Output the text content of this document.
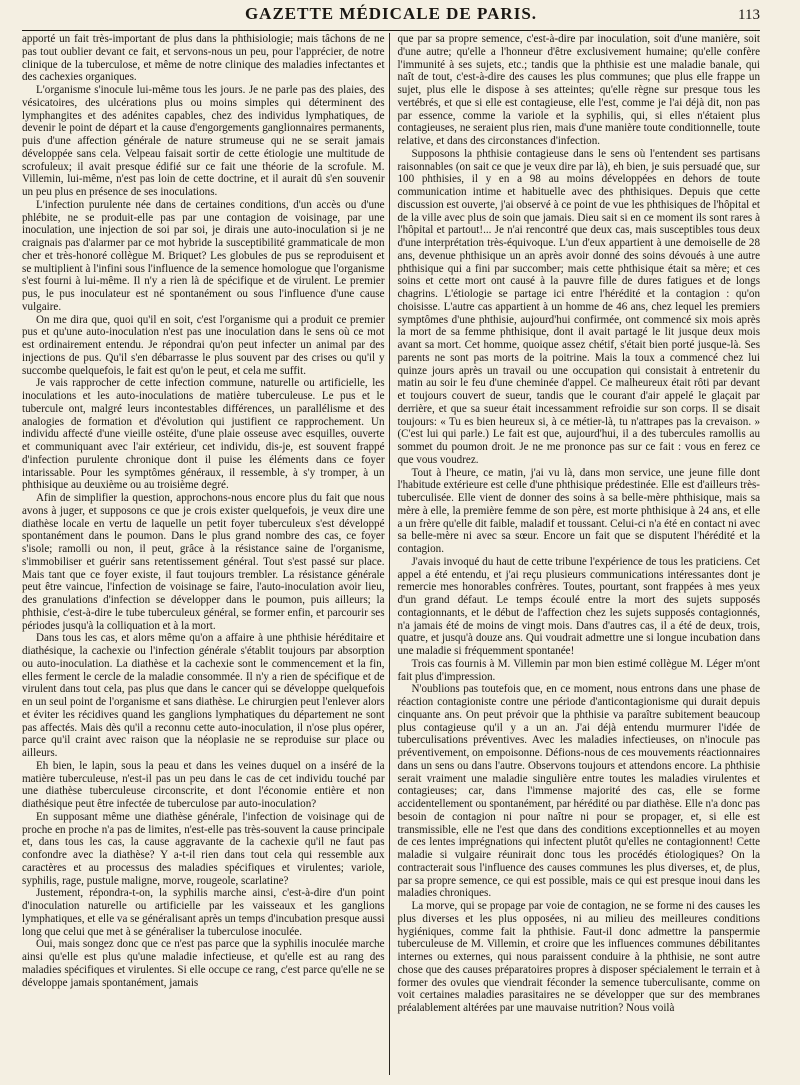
GAZETTE MÉDICALE DE PARIS.	113

apporté un fait très-important de plus dans la phthisiologie; mais tâchons de ne pas tout oublier devant ce fait, et servons-nous un peu, pour l'apprécier, de notre clinique de la tuberculose, et même de notre clinique des maladies infectantes et des cachexies organiques.

L'organisme s'inocule lui-même tous les jours. Je ne parle pas des plaies, des vésicatoires, des ulcérations plus ou moins simples qui déterminent des lymphangites et des adénites capables, chez des individus lymphatiques, de devenir le point de départ et la cause d'engorgements ganglionnaires permanents, puis d'une affection générale de nature strumeuse qui ne se serait jamais développée sans cela. Velpeau faisait sortir de cette étiologie une multitude de scrofuleux; il avait presque édifié sur ce fait une théorie de la scrofule. M. Villemin, lui-même, n'est pas loin de cette doctrine, et il aurait dû s'en souvenir un peu plus en présence de ses inoculations.

L'infection purulente née dans de certaines conditions, d'un accès ou d'une phlébite, ne se produit-elle pas par une contagion de voisinage, par une inoculation, une injection de soi par soi, je dirais une auto-inoculation si je ne craignais pas d'alarmer par ce mot hybride la susceptibilité grammaticale de mon cher et très-honoré collègue M. Briquet? Les globules de pus se reproduisent et se multiplient à l'infini sous l'influence de la semence homologue que l'organisme s'est fourni à lui-même. Il n'y a rien là de spécifique et de virulent. Le premier pus, le pus inoculateur est né spontanément ou sous l'influence d'une cause vulgaire.

On me dira que, quoi qu'il en soit, c'est l'organisme qui a produit ce premier pus et qu'une auto-inoculation n'est pas une inoculation dans le sens où ce mot est ordinairement entendu. Je répondrai qu'on peut infecter un animal par des injections de pus. Qu'il s'en débarrasse le plus souvent par des crises ou qu'il y succombe quelquefois, le fait est qu'on le peut, et cela me suffit.

Je vais rapprocher de cette infection commune, naturelle ou artificielle, les inoculations et les auto-inoculations de matière tuberculeuse. Le pus et le tubercule ont, malgré leurs incontestables différences, un parallélisme et des analogies de formation et d'évolution qui justifient ce rapprochement. Un individu affecté d'une vieille ostéite, d'une plaie osseuse avec esquilles, ouverte et communiquant avec l'air extérieur, cet individu, dis-je, est souvent frappé d'infection purulente chronique dont il puise les éléments dans ce foyer intarissable. Pour les symptômes généraux, il ressemble, à s'y tromper, à un phthisique au deuxième ou au troisième degré.

Afin de simplifier la question, approchons-nous encore plus du fait que nous avons à juger, et supposons ce que je crois exister quelquefois, je veux dire une diathèse locale en vertu de laquelle un petit foyer tuberculeux s'est développé spontanément dans le poumon. Dans le plus grand nombre des cas, ce foyer s'isole; ramolli ou non, il peut, grâce à la résistance saine de l'organisme, s'immobiliser et guérir sans retentissement général. Tout s'est passé sur place. Mais tant que ce foyer existe, il faut toujours trembler. La résistance générale peut être vaincue, l'infection de voisinage se faire, l'auto-inoculation avoir lieu, des granulations d'infection se développer dans le poumon, puis ailleurs; la phthisie, c'est-à-dire le tube tuberculeux général, se former enfin, et parcourir ses périodes jusqu'à la colliquation et à la mort.

Dans tous les cas, et alors même qu'on a affaire à une phthisie héréditaire et diathésique, la cachexie ou l'infection générale s'établit toujours par absorption ou auto-inoculation. La diathèse et la cachexie sont le commencement et la fin, elles ferment le cercle de la maladie consommée. Il n'y a rien de spécifique et de virulent dans tout cela, pas plus que dans le cancer qui se développe quelquefois en un seul point de l'organisme et sans diathèse. Le chirurgien peut l'enlever alors et éviter les récidives quand les ganglions lymphatiques du département ne sont pas affectés. Mais dès qu'il a reconnu cette auto-inoculation, il n'ose plus opérer, parce qu'il craint avec raison que la néoplasie ne se reproduise sur place ou ailleurs.

Eh bien, le lapin, sous la peau et dans les veines duquel on a inséré de la matière tuberculeuse, n'est-il pas un peu dans le cas de cet individu touché par une diathèse tuberculeuse circonscrite, et dont l'économie entière et non diathésique peut être infectée de tuberculose par auto-inoculation?

En supposant même une diathèse générale, l'infection de voisinage qui de proche en proche n'a pas de limites, n'est-elle pas très-souvent la cause principale et, dans tous les cas, la cause aggravante de la cachexie qu'il ne faut pas confondre avec la diathèse? Y a-t-il rien dans tout cela qui ressemble aux caractères et au processus des maladies spécifiques et virulentes; variole, syphilis, rage, pustule maligne, morve, rougeole, scarlatine?

Justement, répondra-t-on, la syphilis marche ainsi, c'est-à-dire d'un point d'inoculation naturelle ou artificielle par les vaisseaux et les ganglions lymphatiques, et elle va se généralisant après un temps d'incubation presque aussi long que celui que met à se généraliser la tuberculose inoculée.

Oui, mais songez donc que ce n'est pas parce que la syphilis inoculée marche ainsi qu'elle est plus qu'une maladie infectieuse, et qu'elle est au rang des maladies spécifiques et virulentes. Si elle occupe ce rang, c'est parce qu'elle ne se développe jamais spontanément, jamais

que par sa propre semence, c'est-à-dire par inoculation, soit d'une manière, soit d'une autre; qu'elle a l'honneur d'être exclusivement humaine; qu'elle confère l'immunité à ses sujets, etc.; tandis que la phthisie est une maladie banale, qui naît de tout, c'est-à-dire des causes les plus communes; que plus elle frappe un sujet, plus elle le dispose à ses atteintes; qu'elle règne sur presque tous les vertébrés, et que si elle est contagieuse, elle l'est, comme je l'ai déjà dit, non pas par essence, comme la variole et la syphilis, qui, si elles n'étaient plus contagieuses, ne seraient plus rien, mais d'une manière toute conditionnelle, toute relative, et dans des circonstances d'infection.

Supposons la phthisie contagieuse dans le sens où l'entendent ses partisans raisonnables (on sait ce que je veux dire par là), eh bien, je suis persuadé que, sur 100 phthisies, il y en a 98 au moins développées en dehors de toute communication intime et habituelle avec des phthisiques. Depuis que cette discussion est ouverte, j'ai observé à ce point de vue les phthisiques de l'hôpital et de la ville avec plus de soin que jamais. Dieu sait si en ce moment ils sont rares à l'hôpital et partout!... Je n'ai rencontré que deux cas, mais susceptibles tous deux d'une interprétation très-équivoque. L'un d'eux appartient à une demoiselle de 28 ans, devenue phthisique un an après avoir donné des soins dévoués à une autre phthisique qui a fini par succomber; mais cette phthisique était sa mère; et ces soins et cette mort ont causé à la pauvre fille de dures fatigues et de longs chagrins. L'étiologie se partage ici entre l'hérédité et la contagion : qu'on choisisse. L'autre cas appartient à un homme de 46 ans, chez lequel les premiers symptômes d'une phthisie, aujourd'hui confirmée, ont commencé six mois après la mort de sa femme phthisique, dont il avait partagé le lit jusque deux mois avant sa mort. Cet homme, quoique assez chétif, s'était bien porté jusque-là. Ses parents ne sont pas morts de la poitrine. Mais la toux a commencé chez lui quinze jours après un travail ou une occupation qui consistait à entretenir du matin au soir le feu d'une cheminée d'appel. Ce malheureux était rôti par devant et toujours couvert de sueur, tandis que le courant d'air appelé le glaçait par derrière, et que sa sueur était incessamment refroidie sur son corps. Il se disait toujours: « Tu es bien heureux si, à ce métier-là, tu n'attrapes pas la crevaison. » (C'est lui qui parle.) Le fait est que, aujourd'hui, il a des tubercules ramollis au sommet du poumon droit. Je ne me prononce pas sur ce fait : vous en ferez ce que vous voudrez.

Tout à l'heure, ce matin, j'ai vu là, dans mon service, une jeune fille dont l'habitude extérieure est celle d'une phthisique prédestinée. Elle est d'ailleurs très-tuberculisée. Elle vient de donner des soins à sa belle-mère phthisique, mais sa mère à elle, la première femme de son père, est morte phthisique à 24 ans, et elle a un frère qu'elle dit faible, maladif et toussant. Celui-ci n'a été en contact ni avec sa belle-mère ni avec sa sœur. Encore un fait que se disputent l'hérédité et la contagion.

J'avais invoqué du haut de cette tribune l'expérience de tous les praticiens. Cet appel a été entendu, et j'ai reçu plusieurs communications intéressantes dont je remercie mes honorables confrères. Toutes, pourtant, sont frappées à mes yeux d'un grand défaut. Le temps écoulé entre la mort des sujets supposés contagionnants, et le début de l'affection chez les sujets supposés contagionnés, n'a jamais été de moins de vingt mois. Dans d'autres cas, il a été de deux, trois, quatre, et jusqu'à douze ans. Qui voudrait admettre une si longue incubation dans une maladie si fréquemment spontanée!

Trois cas fournis à M. Villemin par mon bien estimé collègue M. Léger m'ont fait plus d'impression.

N'oublions pas toutefois que, en ce moment, nous entrons dans une phase de réaction contagioniste contre une période d'anticontagionisme qui durait depuis cinquante ans. On peut prévoir que la phthisie va paraître subitement beaucoup plus contagieuse qu'il y a un an. J'ai déjà entendu murmurer l'idée de tuberculisations préventives. Avec les maladies infectieuses, on n'inocule pas préventivement, on empoisonne. Défions-nous de ces mouvements réactionnaires dans un sens ou dans l'autre. Observons toujours et attendons encore. La phthisie serait vraiment une maladie singulière entre toutes les maladies virulentes et contagieuses; car, dans l'immense majorité des cas, elle se forme accidentellement ou spontanément, par hérédité ou par diathèse. Elle n'a donc pas besoin de contagion ni pour naître ni pour se propager, et, si elle est transmissible, elle ne l'est que dans des conditions exceptionnelles et au moyen de ces lentes imprégnations qui infectent plutôt qu'elles ne contagionnent! Cette maladie si vulgaire réunirait donc tous les procédés étiologiques? On la contracterait sous l'influence des causes communes les plus diverses, et, de plus, par sa propre semence, ce qui est possible, mais ce qui est presque inoui dans les maladies chroniques.

La morve, qui se propage par voie de contagion, ne se forme ni des causes les plus diverses et les plus opposées, ni au milieu des meilleures conditions hygiéniques, comme fait la phthisie. Faut-il donc admettre la panspermie tuberculeuse de M. Villemin, et croire que les influences communes débilitantes internes ou externes, qui nous paraissent conduire à la phthisie, ne sont autre chose que des causes préparatoires propres à disposer spécialement le terrain et à former des ovules que viendrait féconder la semence tuberculisante, comme on voit certaines maladies parasitaires ne se développer que sur des membranes préalablement altérées par une mauvaise nutrition? Nous voilà
